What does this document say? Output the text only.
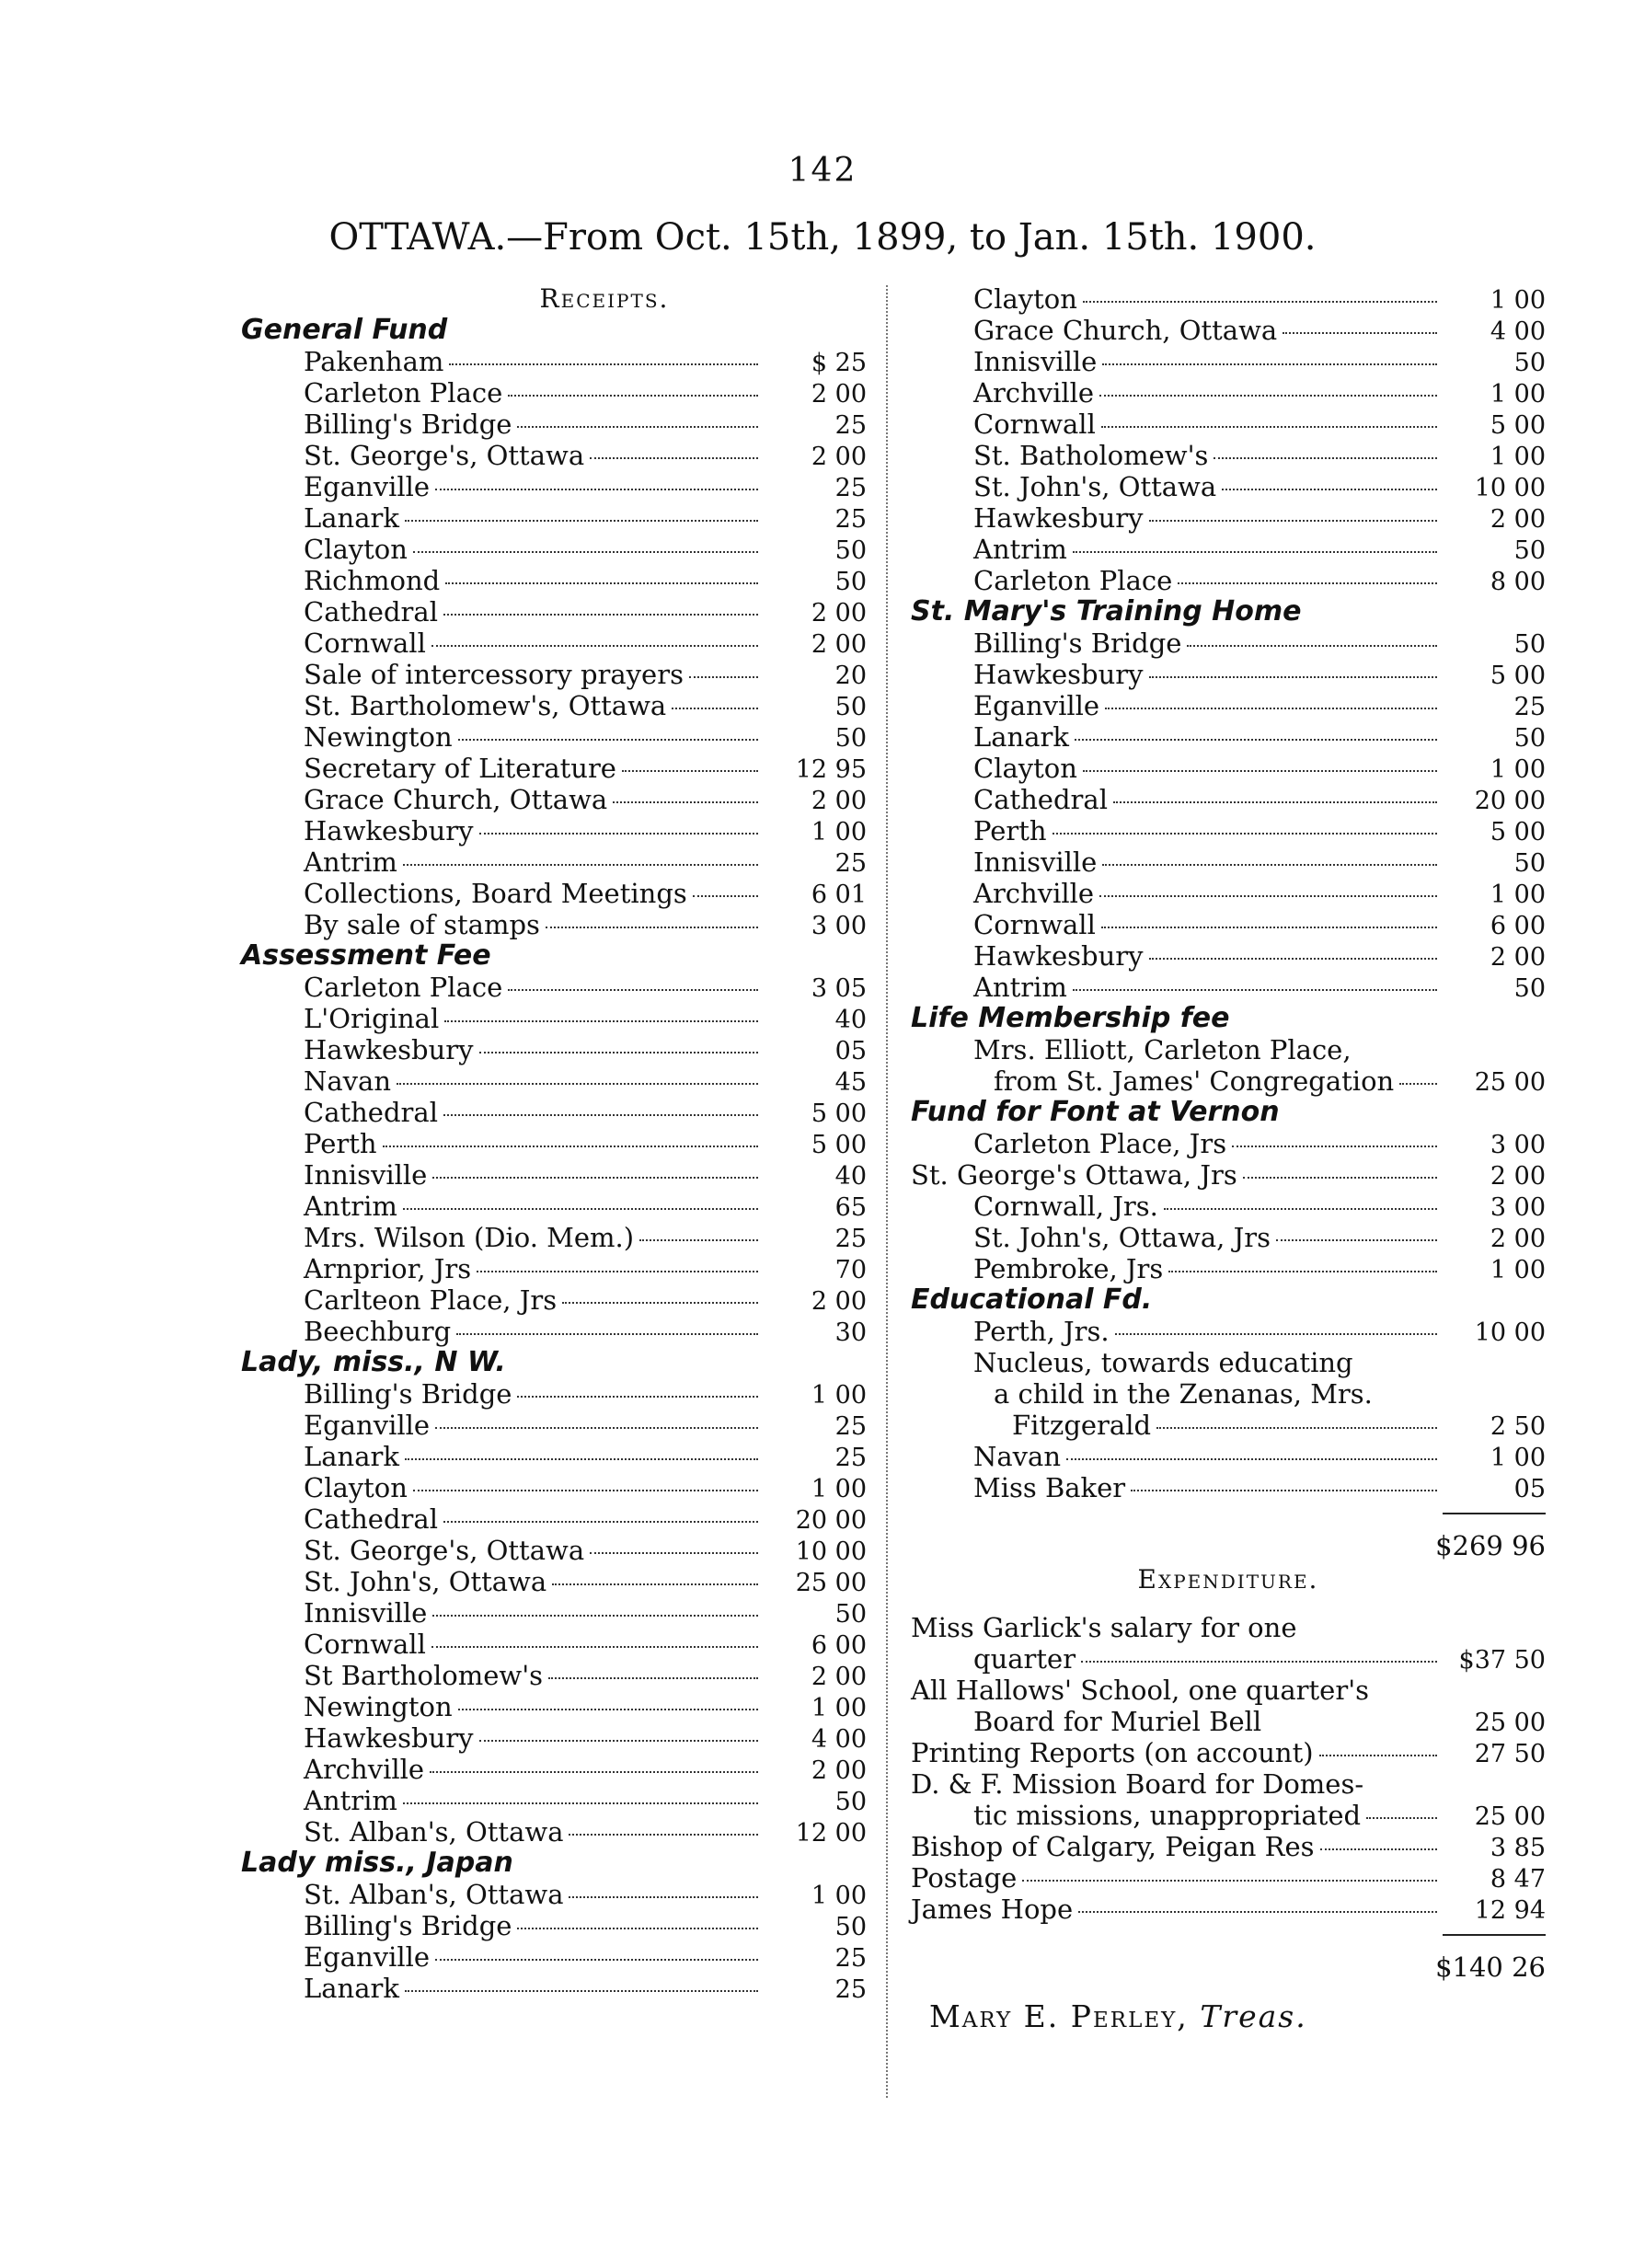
142
OTTAWA.—From Oct. 15th, 1899, to Jan. 15th. 1900.
Receipts.
General Fund
Pakenham	$ 25
Carleton Place	2 00
Billing's Bridge	25
St. George's, Ottawa	2 00
Eganville	25
Lanark	25
Clayton	50
Richmond	50
Cathedral	2 00
Cornwall	2 00
Sale of intercessory prayers	20
St. Bartholomew's, Ottawa	50
Newington	50
Secretary of Literature	12 95
Grace Church, Ottawa	2 00
Hawkesbury	1 00
Antrim	25
Collections, Board Meetings	6 01
By sale of stamps	3 00
Assessment Fee
Carleton Place	3 05
L'Original	40
Hawkesbury	05
Navan	45
Cathedral	5 00
Perth	5 00
Innisville	40
Antrim	65
Mrs. Wilson (Dio. Mem.)	25
Arnprior, Jrs	70
Carlteon Place, Jrs	2 00
Beechburg	30
Lady, miss., N W.
Billing's Bridge	1 00
Eganville	25
Lanark	25
Clayton	1 00
Cathedral	20 00
St. George's, Ottawa	10 00
St. John's, Ottawa	25 00
Innisville	50
Cornwall	6 00
St Bartholomew's	2 00
Newington	1 00
Hawkesbury	4 00
Archville	2 00
Antrim	50
St. Alban's, Ottawa	12 00
Lady miss., Japan
St. Alban's, Ottawa	1 00
Billing's Bridge	50
Eganville	25
Lanark	25
Clayton	1 00
Grace Church, Ottawa	4 00
Innisville	50
Archville	1 00
Cornwall	5 00
St. Batholomew's	1 00
St. John's, Ottawa	10 00
Hawkesbury	2 00
Antrim	50
Carleton Place	8 00
St. Mary's Training Home
Billing's Bridge	50
Hawkesbury	5 00
Eganville	25
Lanark	50
Clayton	1 00
Cathedral	20 00
Perth	5 00
Innisville	50
Archville	1 00
Cornwall	6 00
Hawkesbury	2 00
Antrim	50
Life Membership fee
Mrs. Elliott, Carleton Place,
from St. James' Congregation	25 00
Fund for Font at Vernon
Carleton Place, Jrs	3 00
St. George's Ottawa, Jrs	2 00
Cornwall, Jrs.	3 00
St. John's, Ottawa, Jrs	2 00
Pembroke, Jrs	1 00
Educational Fd.
Perth, Jrs.	10 00
Nucleus, towards educating
a child in the Zenanas, Mrs.
Fitzgerald	2 50
Navan	1 00
Miss Baker	05
$269 96
Expenditure.
Miss Garlick's salary for one
quarter	$37 50
All Hallows' School, one quarter's
Board for Muriel Bell	25 00
Printing Reports (on account)	27 50
D. & F. Mission Board for Domes-
tic missions, unappropriated	25 00
Bishop of Calgary, Peigan Res	3 85
Postage	8 47
James Hope	12 94
$140 26
Mary E. Perley, Treas.
